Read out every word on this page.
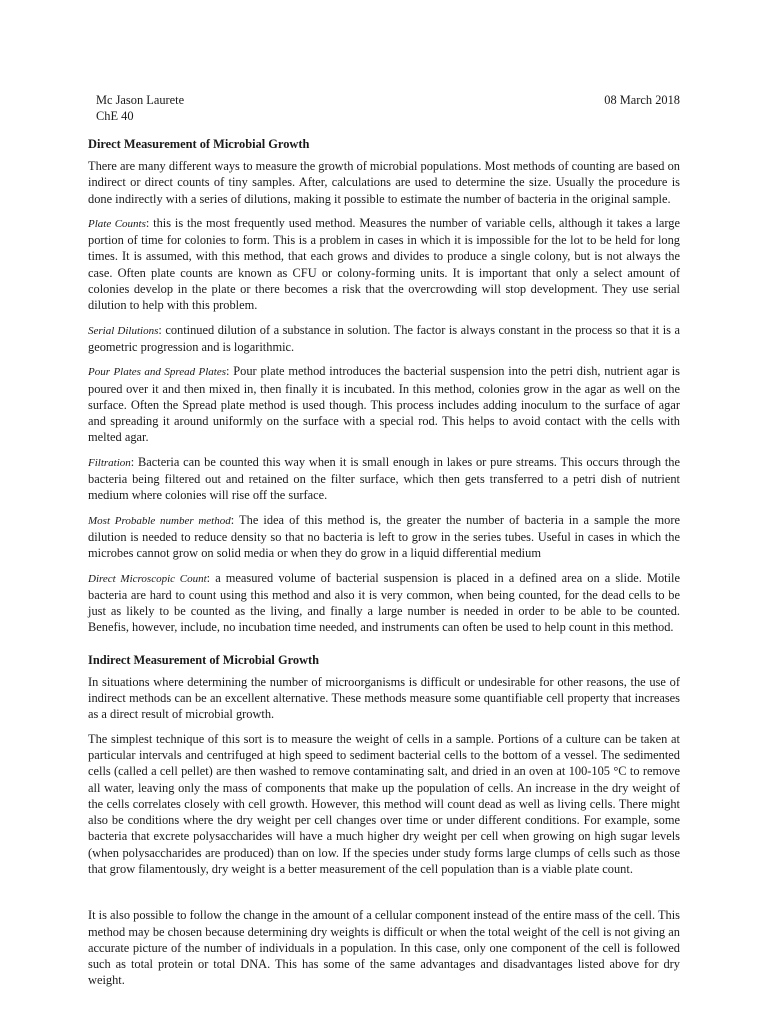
Mc Jason Laurete
ChE 40
08 March 2018
Direct Measurement of Microbial Growth

There are many different ways to measure the growth of microbial populations. Most methods of counting are based on indirect or direct counts of tiny samples. After, calculations are used to determine the size. Usually the procedure is done indirectly with a series of dilutions, making it possible to estimate the number of bacteria in the original sample.

Plate Counts: this is the most frequently used method. Measures the number of variable cells, although it takes a large portion of time for colonies to form. This is a problem in cases in which it is impossible for the lot to be held for long times. It is assumed, with this method, that each grows and divides to produce a single colony, but is not always the case. Often plate counts are known as CFU or colony-forming units. It is important that only a select amount of colonies develop in the plate or there becomes a risk that the overcrowding will stop development. They use serial dilution to help with this problem.

Serial Dilutions: continued dilution of a substance in solution. The factor is always constant in the process so that it is a geometric progression and is logarithmic.

Pour Plates and Spread Plates: Pour plate method introduces the bacterial suspension into the petri dish, nutrient agar is poured over it and then mixed in, then finally it is incubated. In this method, colonies grow in the agar as well on the surface. Often the Spread plate method is used though. This process includes adding inoculum to the surface of agar and spreading it around uniformly on the surface with a special rod. This helps to avoid contact with the cells with melted agar.

Filtration: Bacteria can be counted this way when it is small enough in lakes or pure streams. This occurs through the bacteria being filtered out and retained on the filter surface, which then gets transferred to a petri dish of nutrient medium where colonies will rise off the surface.

Most Probable number method: The idea of this method is, the greater the number of bacteria in a sample the more dilution is needed to reduce density so that no bacteria is left to grow in the series tubes. Useful in cases in which the microbes cannot grow on solid media or when they do grow in a liquid differential medium

Direct Microscopic Count: a measured volume of bacterial suspension is placed in a defined area on a slide. Motile bacteria are hard to count using this method and also it is very common, when being counted, for the dead cells to be just as likely to be counted as the living, and finally a large number is needed in order to be able to be counted. Benefis, however, include, no incubation time needed, and instruments can often be used to help count in this method.

Indirect Measurement of Microbial Growth

In situations where determining the number of microorganisms is difficult or undesirable for other reasons, the use of indirect methods can be an excellent alternative. These methods measure some quantifiable cell property that increases as a direct result of microbial growth.

The simplest technique of this sort is to measure the weight of cells in a sample. Portions of a culture can be taken at particular intervals and centrifuged at high speed to sediment bacterial cells to the bottom of a vessel. The sedimented cells (called a cell pellet) are then washed to remove contaminating salt, and dried in an oven at 100-105 °C to remove all water, leaving only the mass of components that make up the population of cells. An increase in the dry weight of the cells correlates closely with cell growth. However, this method will count dead as well as living cells. There might also be conditions where the dry weight per cell changes over time or under different conditions. For example, some bacteria that excrete polysaccharides will have a much higher dry weight per cell when growing on high sugar levels (when polysaccharides are produced) than on low. If the species under study forms large clumps of cells such as those that grow filamentously, dry weight is a better measurement of the cell population than is a viable plate count.

It is also possible to follow the change in the amount of a cellular component instead of the entire mass of the cell. This method may be chosen because determining dry weights is difficult or when the total weight of the cell is not giving an accurate picture of the number of individuals in a population. In this case, only one component of the cell is followed such as total protein or total DNA. This has some of the same advantages and disadvantages listed above for dry weight.
